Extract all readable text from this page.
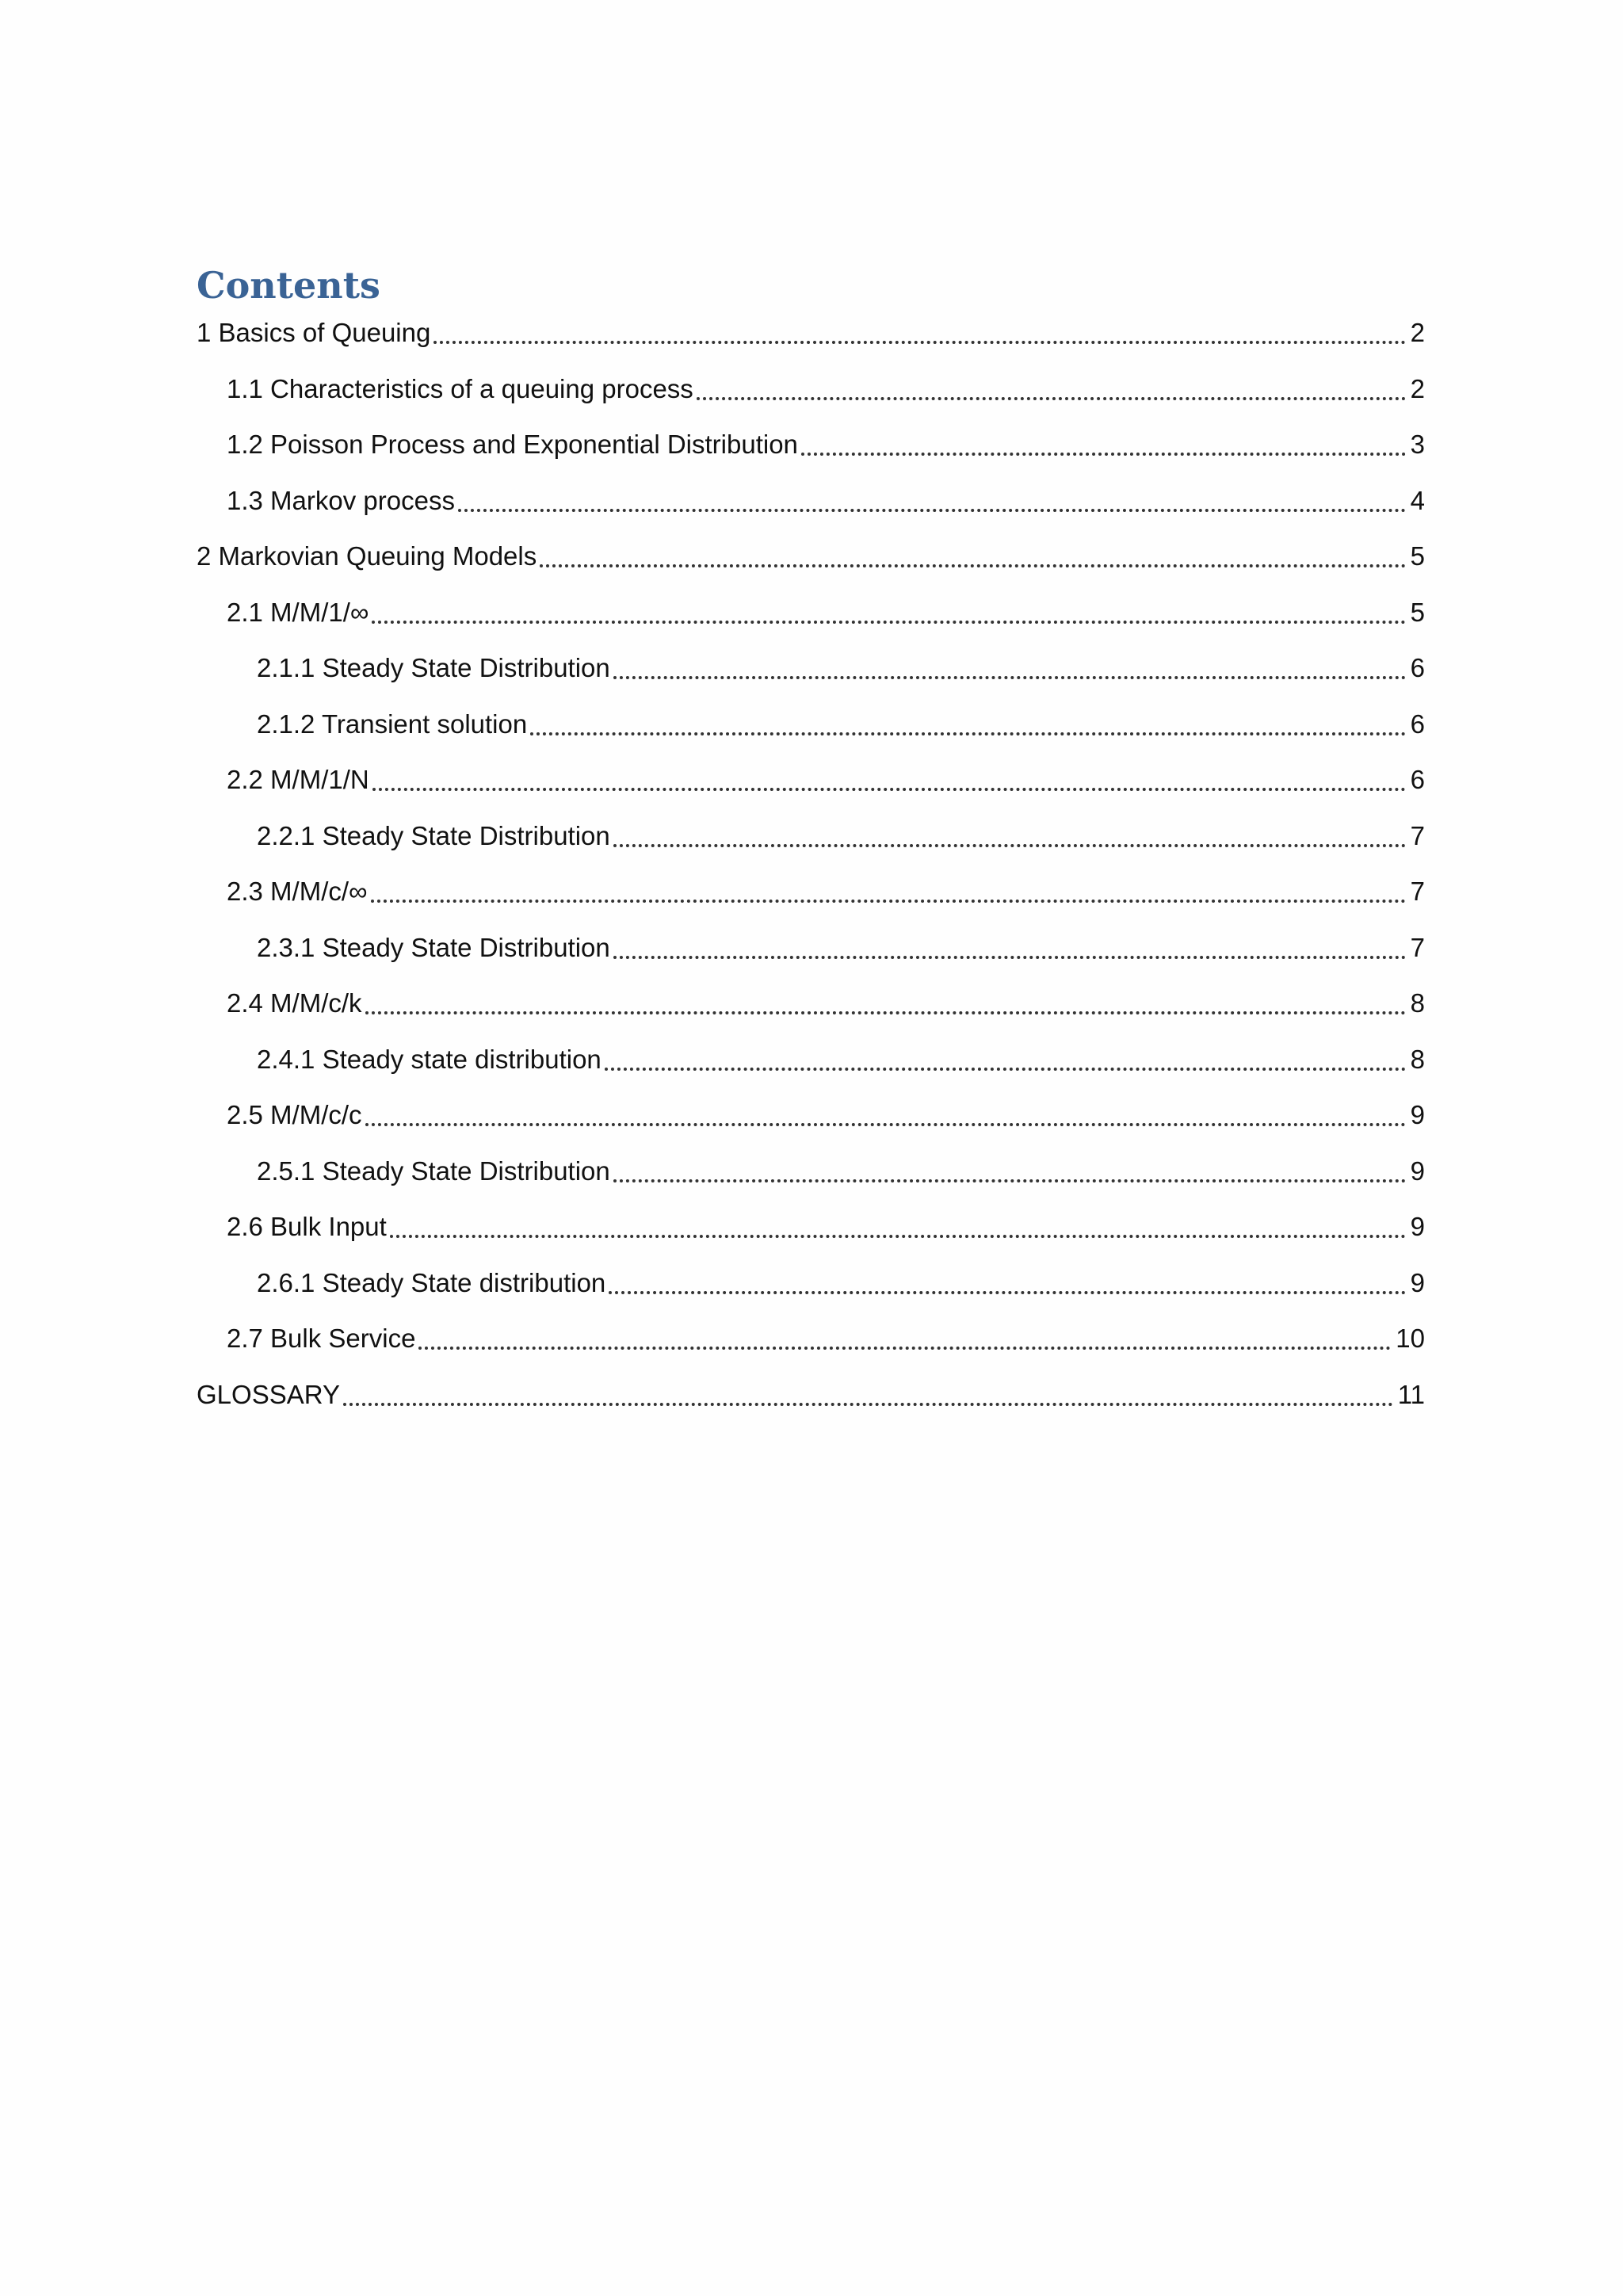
Contents
1 Basics of Queuing	2
1.1 Characteristics of a queuing process	2
1.2 Poisson Process and Exponential Distribution	3
1.3 Markov process	4
2 Markovian Queuing Models	5
2.1 M/M/1/∞	5
2.1.1 Steady State Distribution	6
2.1.2 Transient solution	6
2.2 M/M/1/N	6
2.2.1 Steady State Distribution	7
2.3 M/M/c/∞	7
2.3.1 Steady State Distribution	7
2.4 M/M/c/k	8
2.4.1 Steady state distribution	8
2.5 M/M/c/c	9
2.5.1 Steady State Distribution	9
2.6 Bulk Input	9
2.6.1 Steady State distribution	9
2.7 Bulk Service	10
GLOSSARY	11
